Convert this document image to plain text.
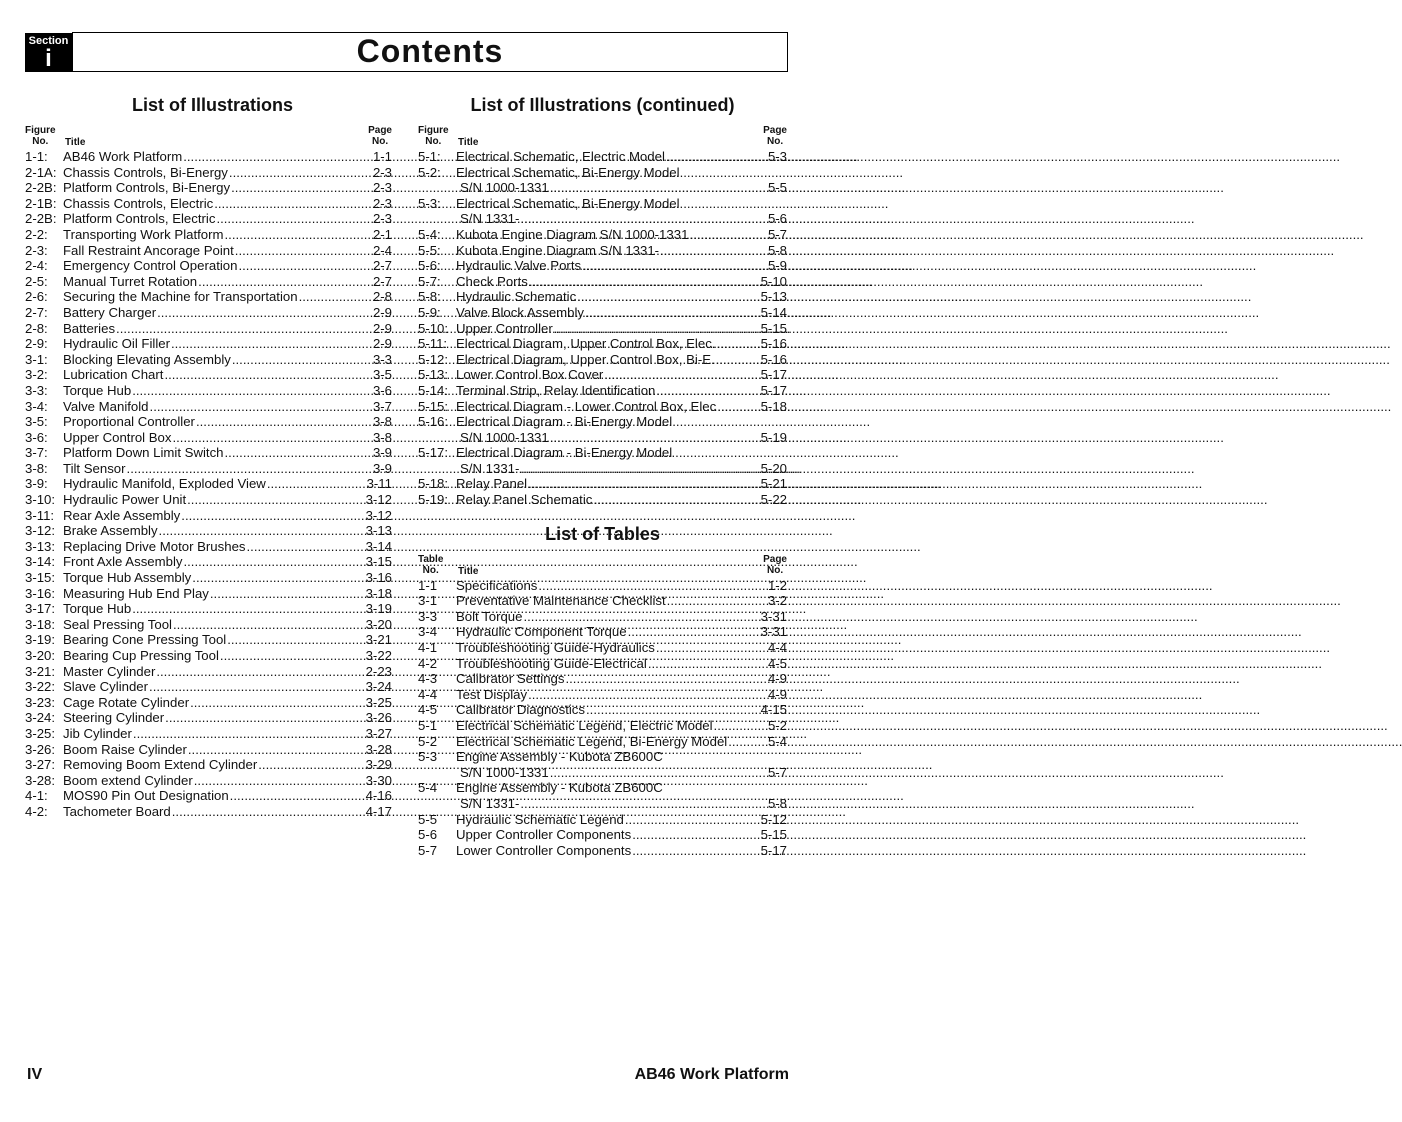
Section
i	Contents
List of Illustrations
Figure
No.	Title
Page
No.
1-1:	AB46 Work Platform .....	1-1
2-1A: Chassis Controls, Bi-Energy .....	2-3
2-2B: Platform Controls, Bi-Energy .....	2-3
2-1B: Chassis Controls, Electric .....	2-3
2-2B: Platform Controls, Electric .....	2-3
2-2:	Transporting Work Platform .....	2-1
2-3:	Fall Restraint Ancorage Point .....	2-4
2-4:	Emergency Control Operation .....	2-7
2-5:	Manual Turret Rotation .....	2-7
2-6:	Securing the Machine for Transportation .....	2-8
2-7:	Battery Charger .....	2-9
2-8:	Batteries .....	2-9
2-9:	Hydraulic Oil Filler .....	2-9
3-1:	Blocking Elevating Assembly .....	3-3
3-2:	Lubrication Chart .....	3-5
3-3:	Torque Hub .....	3-6
3-4:	Valve Manifold .....	3-7
3-5:	Proportional Controller .....	3-8
3-6:	Upper Control Box .....	3-8
3-7:	Platform Down Limit Switch .....	3-9
3-8:	Tilt Sensor .....	3-9
3-9:	Hydraulic Manifold, Exploded View .....	3-11
3-10: Hydraulic Power Unit .....	3-12
3-11: Rear Axle Assembly .....	3-12
3-12: Brake Assembly .....	3-13
3-13: Replacing Drive Motor Brushes .....	3-14
3-14: Front Axle Assembly .....	3-15
3-15: Torque Hub Assembly .....	3-16
3-16: Measuring Hub End Play .....	3-18
3-17: Torque Hub .....	3-19
3-18: Seal Pressing Tool .....	3-20
3-19: Bearing Cone Pressing Tool .....	3-21
3-20: Bearing Cup Pressing Tool .....	3-22
3-21: Master Cylinder .....	2-23
3-22: Slave Cylinder .....	3-24
3-23: Cage Rotate Cylinder .....	3-25
3-24: Steering Cylinder .....	3-26
3-25: Jib Cylinder .....	3-27
3-26: Boom Raise Cylinder .....	3-28
3-27: Removing Boom Extend Cylinder .....	3-29
3-28: Boom extend Cylinder .....	3-30
4-1:	MOS90 Pin Out Designation .....	4-16
4-2:	Tachometer Board .....	4-17
List of Illustrations (continued)
Figure
No.	Title
Page
No.
5-1:	Electrical Schematic, Electric Model .....	5-3
5-2:	Electrical Schematic, Bi-Energy Model
S/N 1000-1331 .....	5-5
5-3:	Electrical Schematic, Bi-Energy Model
S/N 1331- .....	5-6
5-4:	Kubota Engine Diagram S/N 1000-1331 .....	5-7
5-5:	Kubota Engine Diagram S/N 1331- .....	5-8
5-6:	Hydraulic Valve Ports .....	5-9
5-7:	Check Ports .....	5-10
5-8:	Hydraulic Schematic .....	5-13
5-9:	Valve Block Assembly .....	5-14
5-10: Upper Controller .....	5-15
5-11: Electrical Diagram, Upper Control Box, Elec. .....	5-16
5-12: Electrical Diagram, Upper Control Box, Bi-E. .....	5-16
5-13: Lower Control Box Cover .....	5-17
5-14: Terminal Strip, Relay Identification .....	5-17
5-15: Electrical Diagram - Lower Control Box, Elec .....	5-18
5-16: Electrical Diagram - Bi-Energy Model
S/N 1000-1331 .....	5-19
5-17: Electrical Diagram - Bi-Energy Model
S/N 1331- .....	5-20
5-18: Relay Panel .....	5-21
5-19: Relay Panel Schematic .....	5-22
List of Tables
Table
No.	Title
Page
No.
1-1	Specifications .....	1-2
3-1	Preventative Maintenance Checklist .....	3-2
3-3	Bolt Torque .....	3-31
3-4	Hydraulic Component Torque .....	3-31
4-1	Troubleshooting Guide-Hydraulics .....	4-4
4-2	Troubleshooting Guide-Electrical .....	4-5
4-3	Calibrator Settings .....	4-9
4-4	Test Display .....	4-9
4-5	Calibrator Diagnostics .....	4-15
5-1	Electrical Schematic Legend, Electric Model .....	5-2
5-2	Electrical Schematic Legend, Bi-Energy Model .....	5-4
5-3	Engine Assembly - Kubota ZB600C
S/N 1000-1331 .....	5-7
5-4	Engine Assembly - Kubota ZB600C
S/N 1331- .....	5-8
5-5	Hydraulic Schematic Legend .....	5-12
5-6	Upper Controller Components .....	5-15
5-7	Lower Controller Components .....	5-17
IV	AB46 Work Platform
